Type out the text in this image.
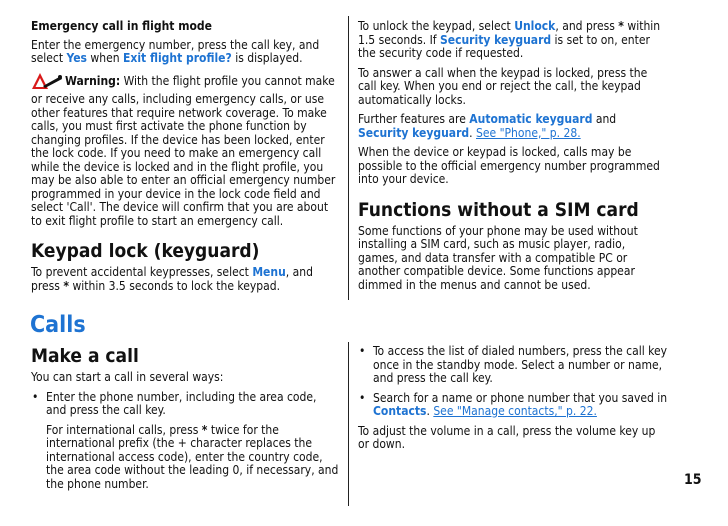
Emergency call in flight mode

Enter the emergency number, press the call key, and select Yes when Exit flight profile? is displayed.

Warning: With the flight profile you cannot make or receive any calls, including emergency calls, or use other features that require network coverage. To make calls, you must first activate the phone function by changing profiles. If the device has been locked, enter the lock code. If you need to make an emergency call while the device is locked and in the flight profile, you may be also able to enter an official emergency number programmed in your device in the lock code field and select 'Call'. The device will confirm that you are about to exit flight profile to start an emergency call.

Keypad lock (keyguard)

To prevent accidental keypresses, select Menu, and press * within 3.5 seconds to lock the keypad.

To unlock the keypad, select Unlock, and press * within 1.5 seconds. If Security keyguard is set to on, enter the security code if requested.

To answer a call when the keypad is locked, press the call key. When you end or reject the call, the keypad automatically locks.

Further features are Automatic keyguard and Security keyguard. See "Phone," p. 28.

When the device or keypad is locked, calls may be possible to the official emergency number programmed into your device.

Functions without a SIM card

Some functions of your phone may be used without installing a SIM card, such as music player, radio, games, and data transfer with a compatible PC or another compatible device. Some functions appear dimmed in the menus and cannot be used.

Calls
Make a call

You can start a call in several ways:

• Enter the phone number, including the area code, and press the call key.

For international calls, press * twice for the international prefix (the + character replaces the international access code), enter the country code, the area code without the leading 0, if necessary, and the phone number.

• To access the list of dialed numbers, press the call key once in the standby mode. Select a number or name, and press the call key.

• Search for a name or phone number that you saved in Contacts. See "Manage contacts," p. 22.

To adjust the volume in a call, press the volume key up or down.

15
